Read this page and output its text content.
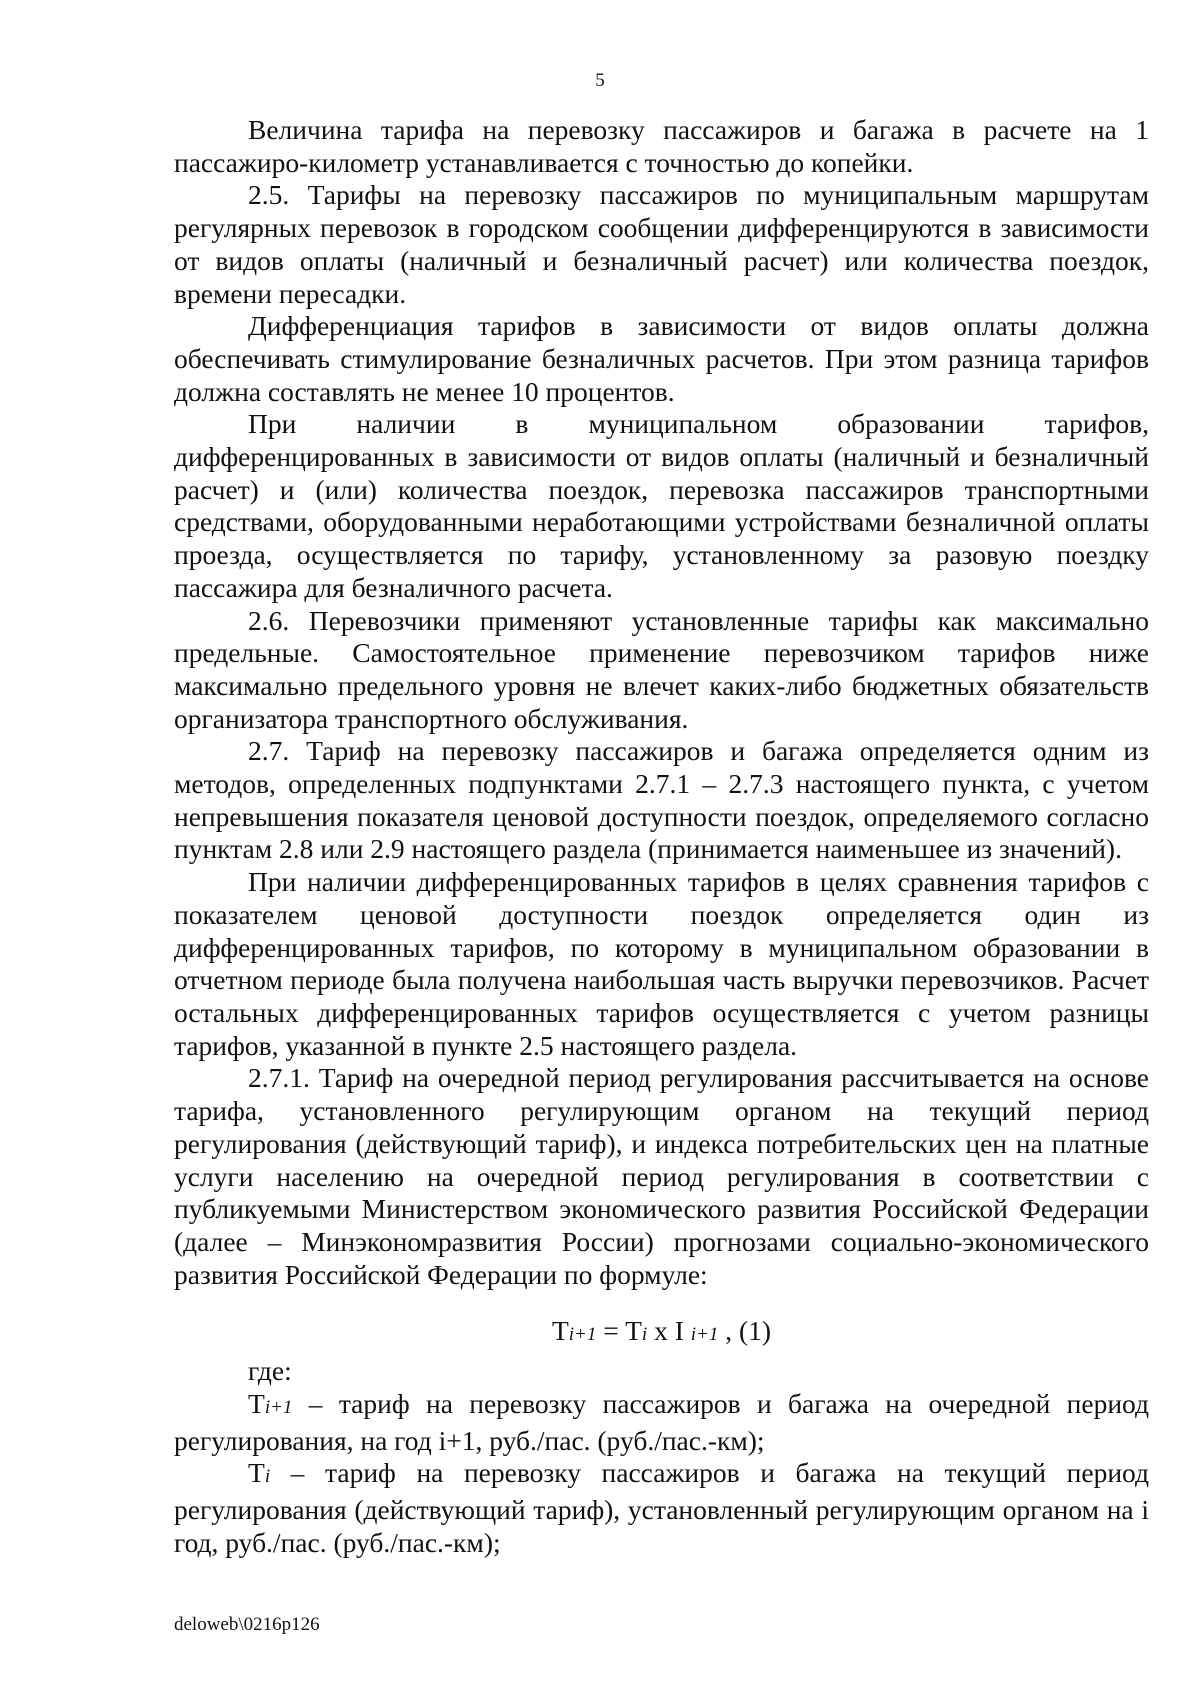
5

Величина тарифа на перевозку пассажиров и багажа в расчете на 1 пассажиро-километр устанавливается с точностью до копейки.

2.5. Тарифы на перевозку пассажиров по муниципальным маршрутам регулярных перевозок в городском сообщении дифференцируются в зависимости от видов оплаты (наличный и безналичный расчет) или количества поездок, времени пересадки.

Дифференциация тарифов в зависимости от видов оплаты должна обеспечивать стимулирование безналичных расчетов. При этом разница тарифов должна составлять не менее 10 процентов.

При наличии в муниципальном образовании тарифов, дифференцированных в зависимости от видов оплаты (наличный и безналичный расчет) и (или) количества поездок, перевозка пассажиров транспортными средствами, оборудованными неработающими устройствами безналичной оплаты проезда, осуществляется по тарифу, установленному за разовую поездку пассажира для безналичного расчета.

2.6. Перевозчики применяют установленные тарифы как максимально предельные. Самостоятельное применение перевозчиком тарифов ниже максимально предельного уровня не влечет каких-либо бюджетных обязательств организатора транспортного обслуживания.

2.7. Тариф на перевозку пассажиров и багажа определяется одним из методов, определенных подпунктами 2.7.1 – 2.7.3 настоящего пункта, с учетом непревышения показателя ценовой доступности поездок, определяемого согласно пунктам 2.8 или 2.9 настоящего раздела (принимается наименьшее из значений).

При наличии дифференцированных тарифов в целях сравнения тарифов с показателем ценовой доступности поездок определяется один из дифференцированных тарифов, по которому в муниципальном образовании в отчетном периоде была получена наибольшая часть выручки перевозчиков. Расчет остальных дифференцированных тарифов осуществляется с учетом разницы тарифов, указанной в пункте 2.5 настоящего раздела.

2.7.1. Тариф на очередной период регулирования рассчитывается на основе тарифа, установленного регулирующим органом на текущий период регулирования (действующий тариф), и индекса потребительских цен на платные услуги населению на очередной период регулирования в соответствии с публикуемыми Министерством экономического развития Российской Федерации (далее – Минэкономразвития России) прогнозами социально-экономического развития Российской Федерации по формуле:

Ti+1 = Ti x I i+1 , (1)

где:

Ti+1 – тариф на перевозку пассажиров и багажа на очередной период регулирования, на год i+1, руб./пас. (руб./пас.-км);

Ti – тариф на перевозку пассажиров и багажа на текущий период регулирования (действующий тариф), установленный регулирующим органом на i год, руб./пас. (руб./пас.-км);

deloweb\0216p126
